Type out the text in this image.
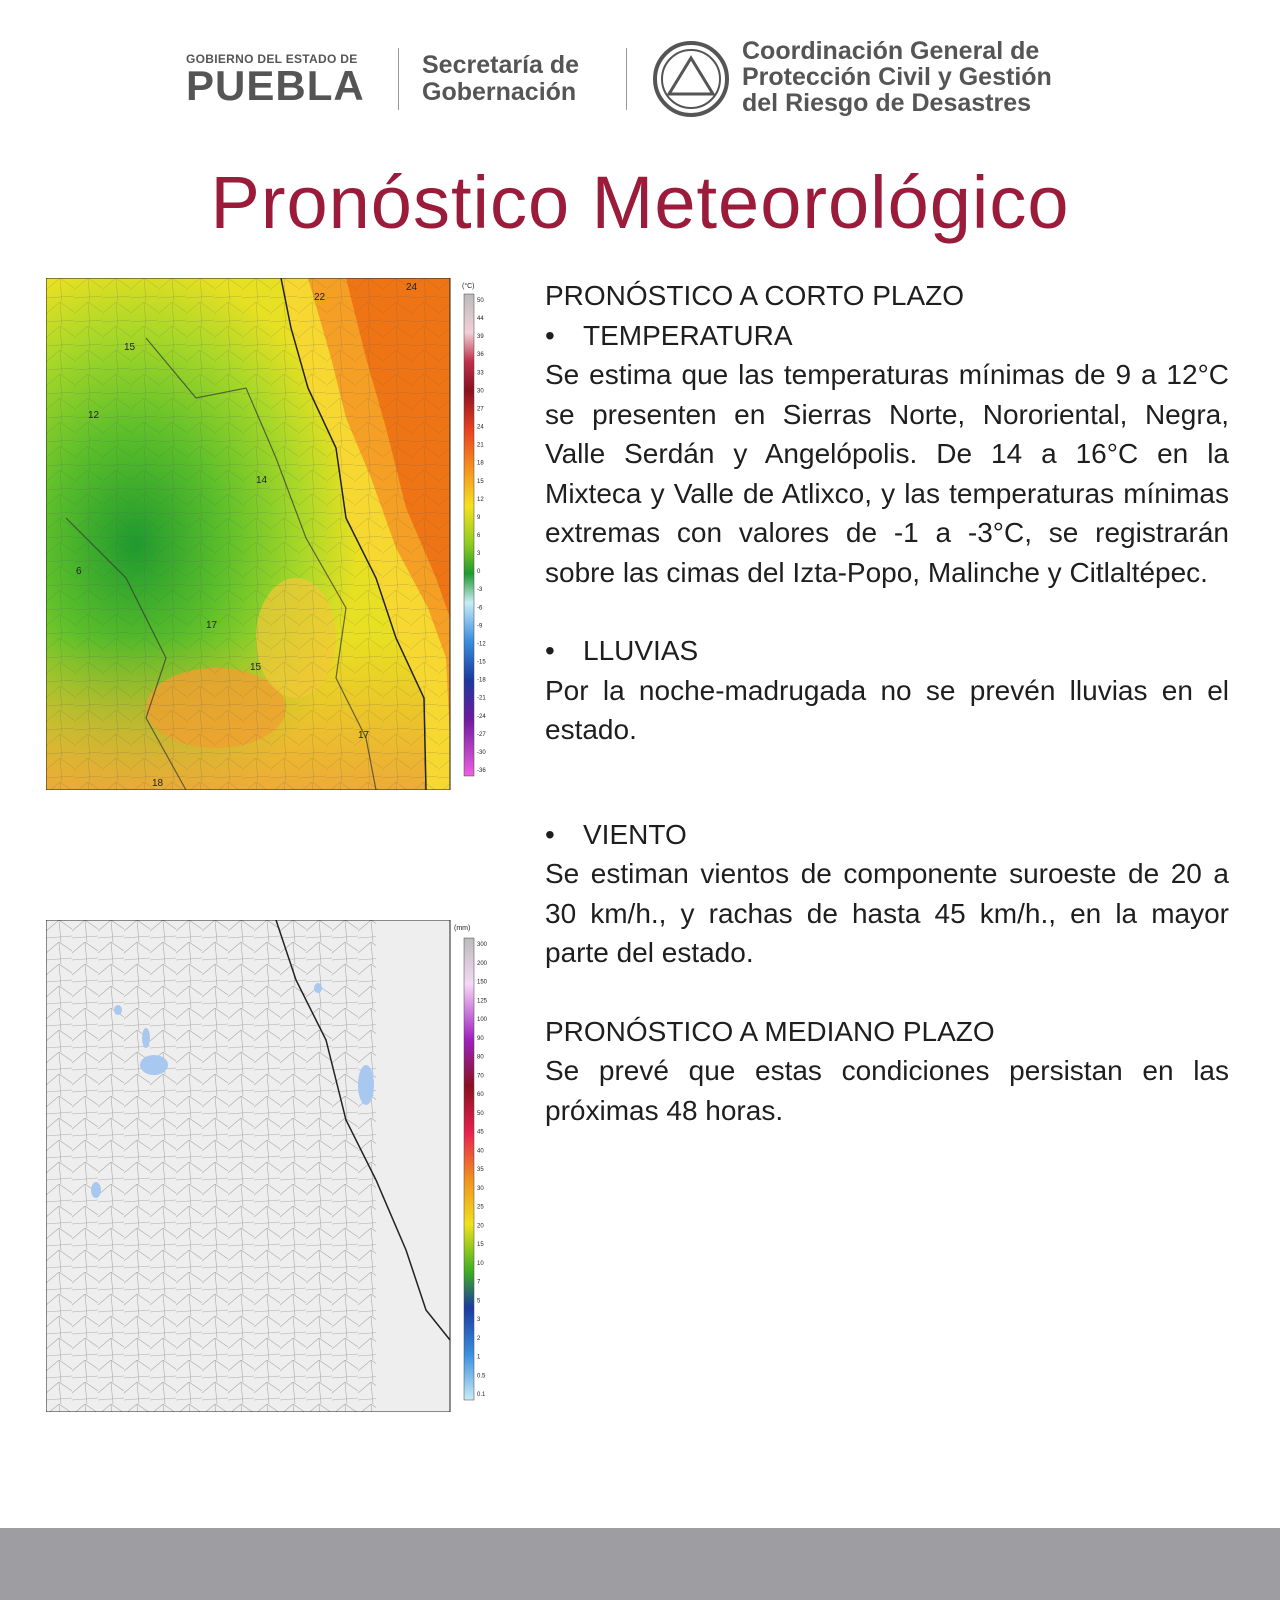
GOBIERNO DEL ESTADO DE
PUEBLA	Secretaría de
Gobernación
Coordinación General de
Protección Civil y Gestión
del Riesgo de Desastres
Pronóstico Meteorológico
24
22
15
12
14
6
17
15
17
18
(°C)
50
44
39
36
33
30
27
24
21
18
15
12
9
6
3
0
-3
-6
-9
-12
-15
-18
-21
-24
-27
-30
-36
(mm)
300
200
150
125
100
90
80
70
60
50
45
40
35
30
25
20
15
10
7
5
3
2
1
0.5
0.1

PRONÓSTICO A CORTO PLAZO

•	TEMPERATURA

Se estima que las temperaturas mínimas de 9 a 12°C se presenten en Sierras Norte, Nororiental, Negra, Valle Serdán y Angelópolis. De 14 a 16°C en la Mixteca y Valle de Atlixco, y las temperaturas mínimas extremas con valores de -1 a -3°C, se registrarán sobre las cimas del Izta-Popo, Malinche y Citlaltépec.

•	LLUVIAS

Por la noche-madrugada no se prevén lluvias en el estado.

•	VIENTO

Se estiman vientos de componente suroeste de 20 a 30 km/h., y rachas de hasta 45 km/h., en la mayor parte del estado.

PRONÓSTICO A MEDIANO PLAZO

Se prevé que estas condiciones persistan en las próximas 48 horas.
